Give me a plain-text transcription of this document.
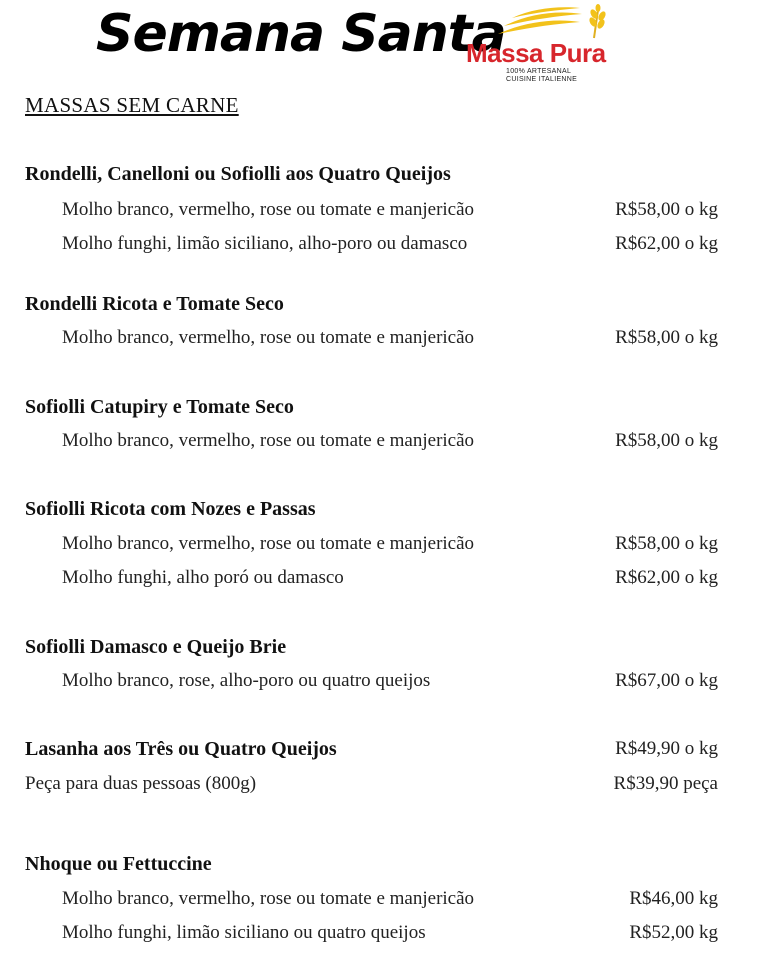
Semana Santa
Massa Pura
100% ARTESANAL
CUISINE ITALIENNE
MASSAS SEM CARNE
Rondelli, Canelloni ou Sofiolli aos Quatro Queijos
Molho branco, vermelho, rose ou tomate e manjericão	R$58,00 o kg
Molho funghi, limão siciliano, alho-poro ou damasco	R$62,00 o kg
Rondelli Ricota e Tomate Seco
Molho branco, vermelho, rose ou tomate e manjericão	R$58,00 o kg
Sofiolli Catupiry e Tomate Seco
Molho branco, vermelho, rose ou tomate e manjericão	R$58,00 o kg
Sofiolli Ricota com Nozes e Passas
Molho branco, vermelho, rose ou tomate e manjericão	R$58,00 o kg
Molho funghi, alho poró ou damasco	R$62,00 o kg
Sofiolli Damasco e Queijo Brie
Molho branco, rose, alho-poro ou quatro queijos	R$67,00 o kg
Lasanha aos Três ou Quatro Queijos	R$49,90 o kg
Peça para duas pessoas (800g)	R$39,90 peça
Nhoque ou Fettuccine
Molho branco, vermelho, rose ou tomate e manjericão	R$46,00 kg
Molho funghi, limão siciliano ou quatro queijos	R$52,00 kg
